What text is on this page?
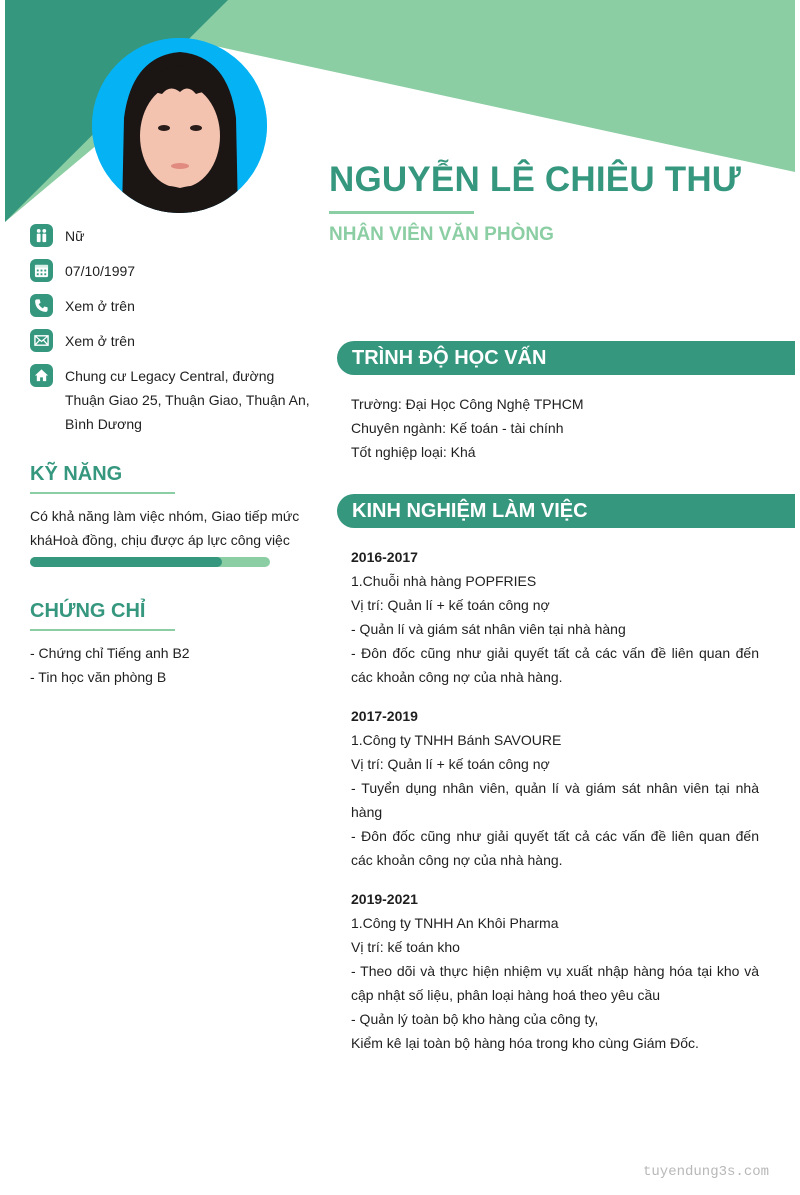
NGUYỄN LÊ CHIÊU THƯ
NHÂN VIÊN VĂN PHÒNG
Nữ
07/10/1997
Xem ở trên
Xem ở trên
Chung cư Legacy Central, đường Thuận Giao 25, Thuận Giao, Thuận An, Bình Dương
KỸ NĂNG
Có khả năng làm việc nhóm, Giao tiếp mức kháHoà đồng, chịu được áp lực công việc
CHỨNG CHỈ
- Chứng chỉ Tiếng anh B2
- Tin học văn phòng B
TRÌNH ĐỘ HỌC VẤN
Trường: Đại Học Công Nghệ TPHCM
Chuyên ngành: Kế toán - tài chính
Tốt nghiệp loại: Khá
KINH NGHIỆM LÀM VIỆC
2016-2017
1.Chuỗi nhà hàng POPFRIES
Vị trí: Quản lí + kế toán công nợ
- Quản lí và giám sát nhân viên tại nhà hàng
- Đôn đốc cũng như giải quyết tất cả các vấn đề liên quan đến các khoản công nợ của nhà hàng.
2017-2019
1.Công ty TNHH Bánh SAVOURE
Vị trí: Quản lí + kế toán công nợ
- Tuyển dụng nhân viên, quản lí và giám sát nhân viên tại nhà hàng
- Đôn đốc cũng như giải quyết tất cả các vấn đề liên quan đến các khoản công nợ của nhà hàng.
2019-2021
1.Công ty TNHH An Khôi Pharma
Vị trí: kế toán kho
- Theo dõi và thực hiện nhiệm vụ xuất nhập hàng hóa tại kho và cập nhật số liệu, phân loại hàng hoá theo yêu cầu
- Quản lý toàn bộ kho hàng của công ty,
Kiểm kê lại toàn bộ hàng hóa trong kho cùng Giám Đốc.
tuyendung3s.com
